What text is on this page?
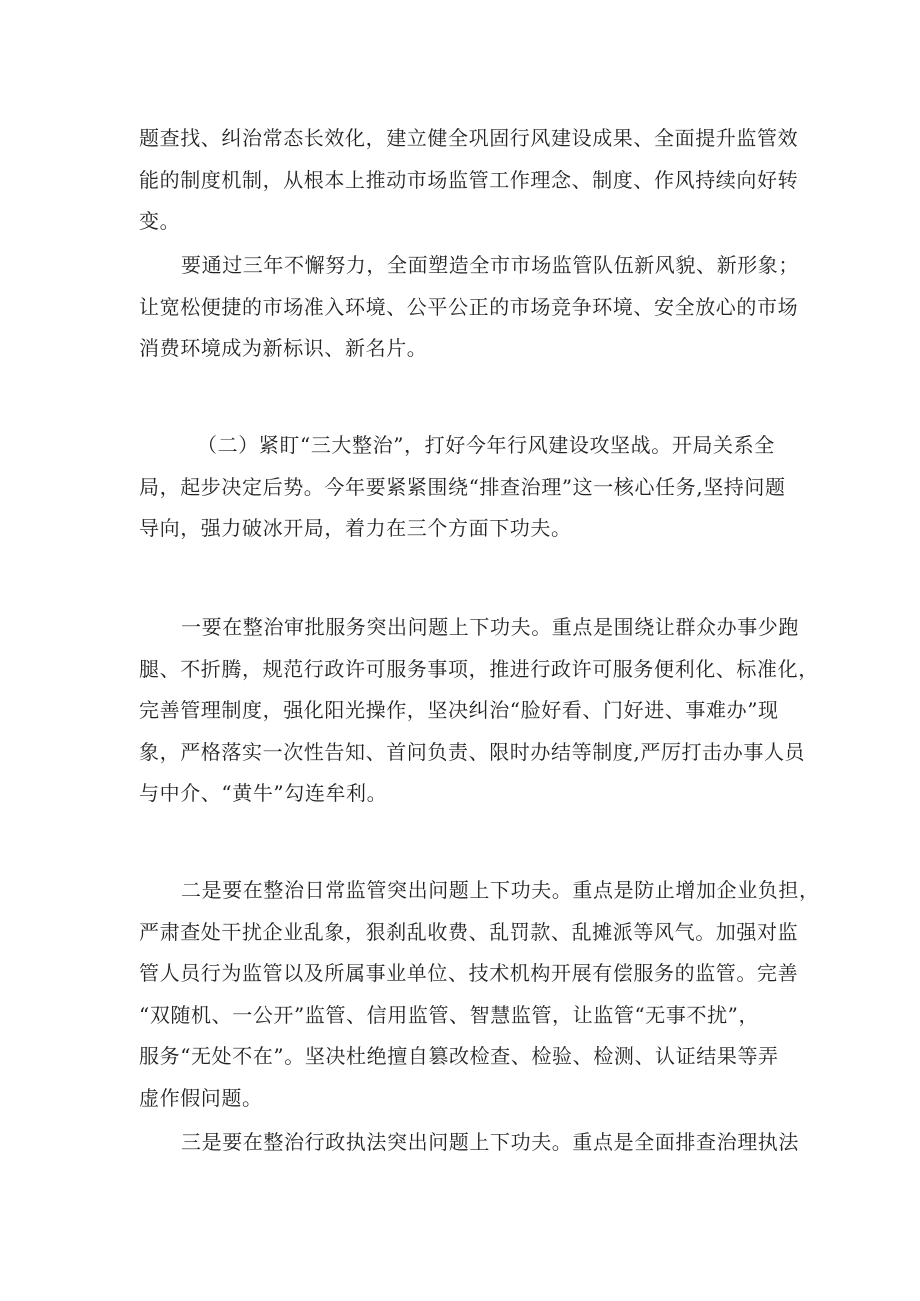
题查找、纠治常态长效化，建立健全巩固行风建设成果、全面提升监管效
能的制度机制，从根本上推动市场监管工作理念、制度、作风持续向好转
变。

要通过三年不懈努力，全面塑造全市市场监管队伍新风貌、新形象；
让宽松便捷的市场准入环境、公平公正的市场竞争环境、安全放心的市场
消费环境成为新标识、新名片。

（二）紧盯“三大整治”，打好今年行风建设攻坚战。开局关系全
局，起步决定后势。今年要紧紧围绕“排查治理”这一核心任务,坚持问题
导向，强力破冰开局，着力在三个方面下功夫。

一要在整治审批服务突出问题上下功夫。重点是围绕让群众办事少跑
腿、不折腾，规范行政许可服务事项，推进行政许可服务便利化、标准化，
完善管理制度，强化阳光操作，坚决纠治“脸好看、门好进、事难办”现
象，严格落实一次性告知、首问负责、限时办结等制度,严厉打击办事人员
与中介、“黄牛”勾连牟利。

二是要在整治日常监管突出问题上下功夫。重点是防止增加企业负担，
严肃查处干扰企业乱象，狠刹乱收费、乱罚款、乱摊派等风气。加强对监
管人员行为监管以及所属事业单位、技术机构开展有偿服务的监管。完善
“双随机、一公开”监管、信用监管、智慧监管，让监管“无事不扰”，
服务“无处不在”。坚决杜绝擅自篡改检查、检验、检测、认证结果等弄
虚作假问题。

三是要在整治行政执法突出问题上下功夫。重点是全面排查治理执法
